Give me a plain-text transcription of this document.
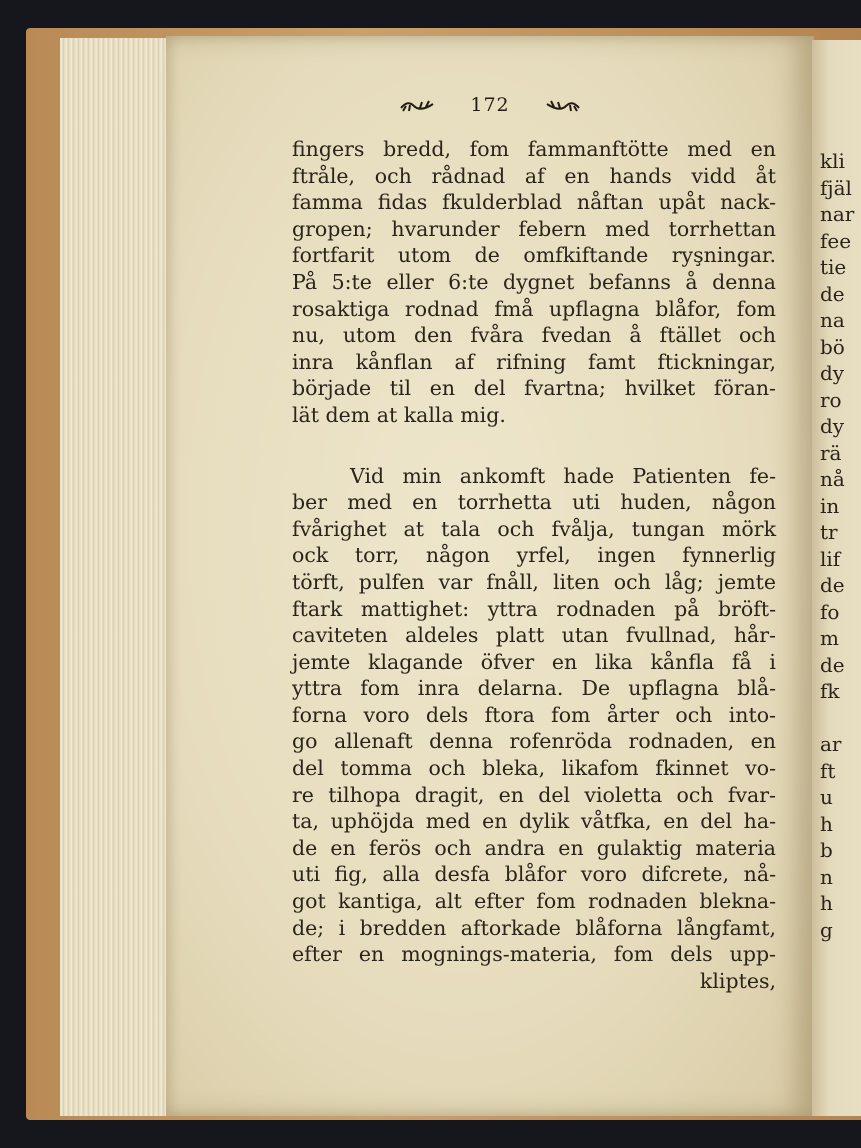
172
fingers bredd, fom fammanftötte med en
ftråle, och rådnad af en hands vidd åt
famma fidas fkulderblad nåftan upåt nack-
gropen; hvarunder febern med torrhettan
fortfarit utom de omfkiftande ryşningar.
På 5:te eller 6:te dygnet befanns å denna
rosaktiga rodnad fmå upflagna blåfor, fom
nu, utom den fvåra fvedan å ftället och
inra kånflan af rifning famt ftickningar,
började til en del fvartna; hvilket föran-
lät dem at kalla mig.
Vid min ankomft hade Patienten fe-
ber med en torrhetta uti huden, någon
fvårighet at tala och fvålja, tungan mörk
ock torr, någon yrfel, ingen fynnerlig
törft, pulfen var fnåll, liten och låg; jemte
ftark mattighet: yttra rodnaden på bröft-
caviteten aldeles platt utan fvullnad, hår-
jemte klagande öfver en lika kånfla få i
yttra fom inra delarna. De upflagna blå-
forna voro dels ftora fom årter och into-
go allenaft denna rofenröda rodnaden, en
del tomma och bleka, likafom fkinnet vo-
re tilhopa dragit, en del violetta och fvar-
ta, uphöjda med en dylik våtfka, en del ha-
de en ferös och andra en gulaktig materia
uti fig, alla desfa blåfor voro difcrete, nå-
got kantiga, alt efter fom rodnaden blekna-
de; i bredden aftorkade blåforna långfamt,
efter en mognings-materia, fom dels upp-
kliptes,
kli
fjäl
nar
fee
tie
de
na
bö
dy
ro
dy
rä
nå
in
tr
lif
de
fo
m
de
fk

ar
ft
u
h
b
n
h
g
